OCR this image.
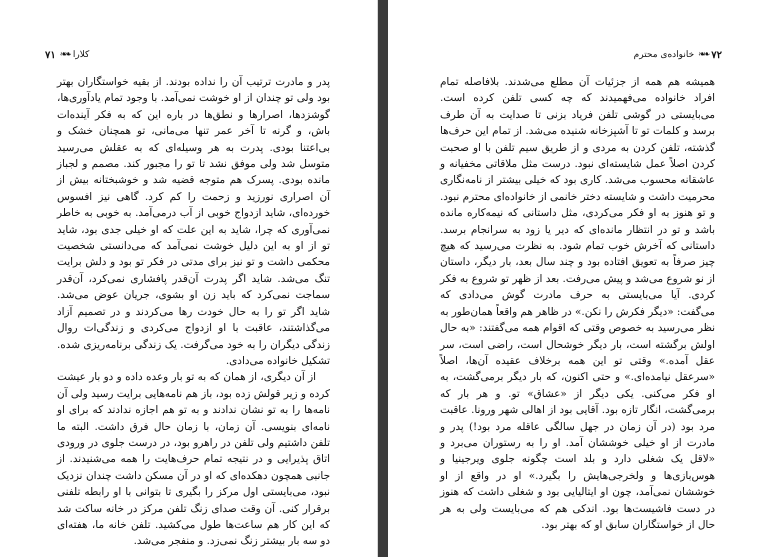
کلارا
❧❧
۷۱

پدر و مادرت ترتیب آن را نداده بودند. از بقیه خواستگاران بهتر بود ولی تو چندان از او خوشت نمی‌آمد. با وجود تمام یادآوری‌ها، گوشزدها، اصرارها و نطق‌ها در باره این که به فکر آینده‌ات باش، و گرنه تا آخر عمر تنها می‌مانی، تو همچنان خشک و بی‌اعتنا بودی. پدرت به هر وسیله‌ای که به عقلش می‌رسید متوسل شد ولی موفق نشد تا تو را مجبور کند. مصمم و لجباز مانده بودی. پسرک هم متوجه قضیه شد و خوشبختانه بیش از آن اصراری نورزید و زحمت را کم کرد. گاهی نیز افسوس خورده‌ای، شاید ازدواج خوبی از آب درمی‌آمد. به خوبی به خاطر نمی‌آوری که چرا، شاید به این علت که او خیلی جدی بود، شاید تو از او به این دلیل خوشت نمی‌آمد که می‌دانستی شخصیت محکمی داشت و تو نیز برای مدتی در فکر تو بود و دلش برایت تنگ می‌شد. شاید اگر پدرت آن‌قدر پافشاری نمی‌کرد، آن‌قدر سماجت نمی‌کرد که باید زن او بشوی، جریان عوض می‌شد. شاید اگر تو را به حال خودت رها می‌کردند و در تصمیم آزاد می‌گذاشتند، عاقبت با او ازدواج می‌کردی و زندگی‌ات روال زندگی دیگران را به خود می‌گرفت. یک زندگی برنامه‌ریزی شده. تشکیل خانواده می‌دادی.

از آن دیگری، از همان که به تو بار وعده داده و دو بار عیشت کرده و زیر قولش زده بود، باز هم نامه‌هایی برایت رسید ولی آن نامه‌ها را به تو نشان ندادند و به تو هم اجازه ندادند که برای او نامه‌ای بنویسی. آن زمان، با زمان حال فرق داشت. البته ما تلفن داشتیم ولی تلفن در راهرو بود، در درست جلوی در ورودی اتاق پذیرایی و در نتیجه تمام حرف‌هایت را همه می‌شنیدند. از جانبی همچون دهکده‌ای که او در آن مسکن داشت چندان نزدیک نبود، می‌بایستی اول مرکز را بگیری تا بتوانی با او رابطه تلفنی برقرار کنی. آن وقت صدای زنگ تلفن مرکز در خانه ساکت شد که این کار هم ساعت‌ها طول می‌کشید. تلفن خانه ما، هفته‌ای دو سه بار بیشتر زنگ نمی‌زد. و منفجر می‌شد.

۷۲
❧❧
خانواده‌ی محترم

همیشه هم همه از جزئیات آن مطلع می‌شدند. بلافاصله تمام افراد خانواده می‌فهمیدند که چه کسی تلفن کرده است. می‌بایستی در گوشی تلفن فریاد بزنی تا صدایت به آن طرف برسد و کلمات تو تا آشپزخانه شنیده می‌شد. از تمام این حرف‌ها گذشته، تلفن کردن به مردی و از طریق سیم تلفن با او صحبت کردن اصلاً عمل شایسته‌ای نبود. درست مثل ملاقاتی مخفیانه و عاشقانه محسوب می‌شد. کاری بود که خیلی بیشتر از نامه‌نگاری محرمیت داشت و شایسته دختر خانمی از خانواده‌ای محترم نبود. و تو هنوز به او فکر می‌کردی، مثل داستانی که نیمه‌کاره مانده باشد و تو در انتظار مانده‌ای که دیر یا زود به سرانجام برسد. داستانی که آخرش خوب تمام شود. به نظرت می‌رسید که هیچ چیز صرفاً به تعویق افتاده بود و چند سال بعد، بار دیگر، داستان از نو شروع می‌شد و پیش می‌رفت. بعد از ظهر تو شروع به فکر کردی. آیا می‌بایستی به حرف مادرت گوش می‌دادی که می‌گفت: «دیگر فکرش را نکن.» در ظاهر هم واقعاً همان‌طور به نظر می‌رسید به خصوص وقتی که اقوام همه می‌گفتند: «به حال اولش برگشته است، بار دیگر خوشحال است، راضی است، سر عقل آمده.» وقتی تو این همه برخلاف عقیده آن‌ها، اصلاً «سرعقل نیامده‌ای.» و حتی اکنون، که بار دیگر برمی‌گشت، به او فکر می‌کنی. یکی دیگر از «عشاق» تو. و هر بار که برمی‌گشت، انگار تازه بود. آقایی بود از اهالی شهر ورونا. عاقبت مرد بود (در آن زمان در جهل سالگی عاقله مرد بود!) پدر و مادرت از او خیلی خوششان آمد. او را به رستوران می‌برد و «لاقل یک شغلی دارد و بلد است چگونه جلوی ویرجینیا و هوس‌بازی‌ها و ولخرجی‌هایش را بگیرد.» او در واقع از او خوششان نمی‌آمد، چون او ایتالیایی بود و شغلی داشت که هنوز در دست فاشیست‌ها بود. اندکی هم که می‌بایست ولی به هر حال از خواستگاران سابق او که بهتر بود.
